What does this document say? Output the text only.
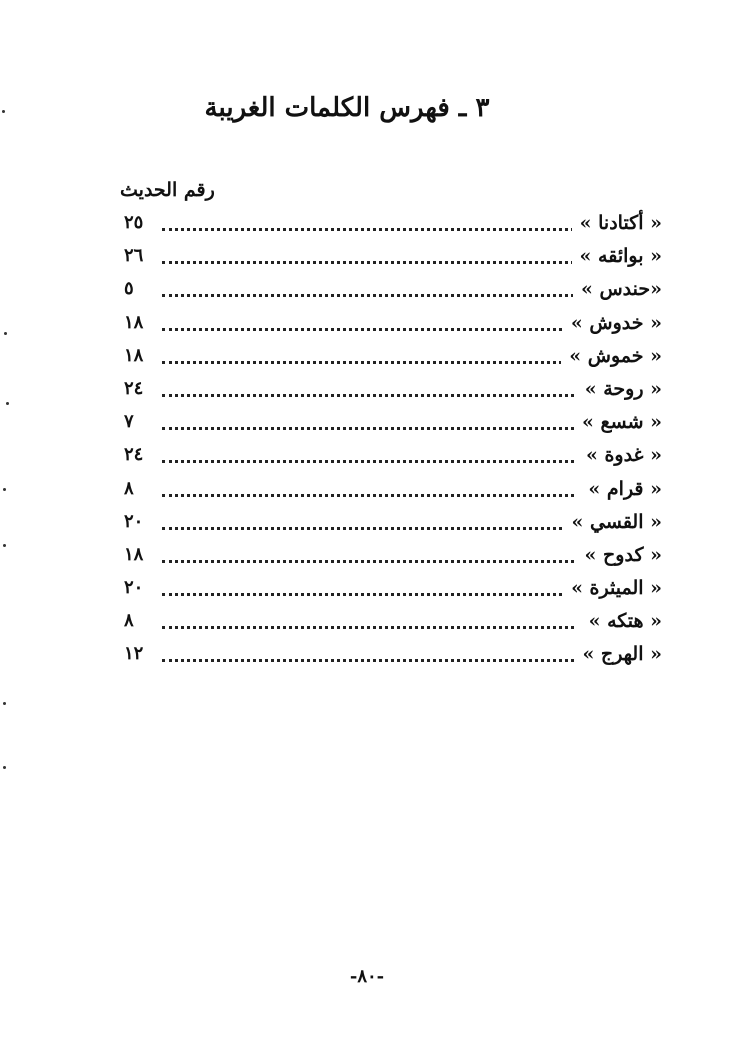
٣ ـ فهرس الكلمات الغريبة
رقم الحديث
« أكتادنا »
٢٥
« بوائقه »
٢٦
«حندس »
٥
« خدوش »
١٨
« خموش »
١٨
« روحة »
٢٤
« شسع »
٧
« غدوة »
٢٤
« قرام »
٨
« القسي »
٢٠
« كدوح »
١٨
« الميثرة »
٢٠
« هتكه »
٨
« الهرج »
١٢
-٨٠-
